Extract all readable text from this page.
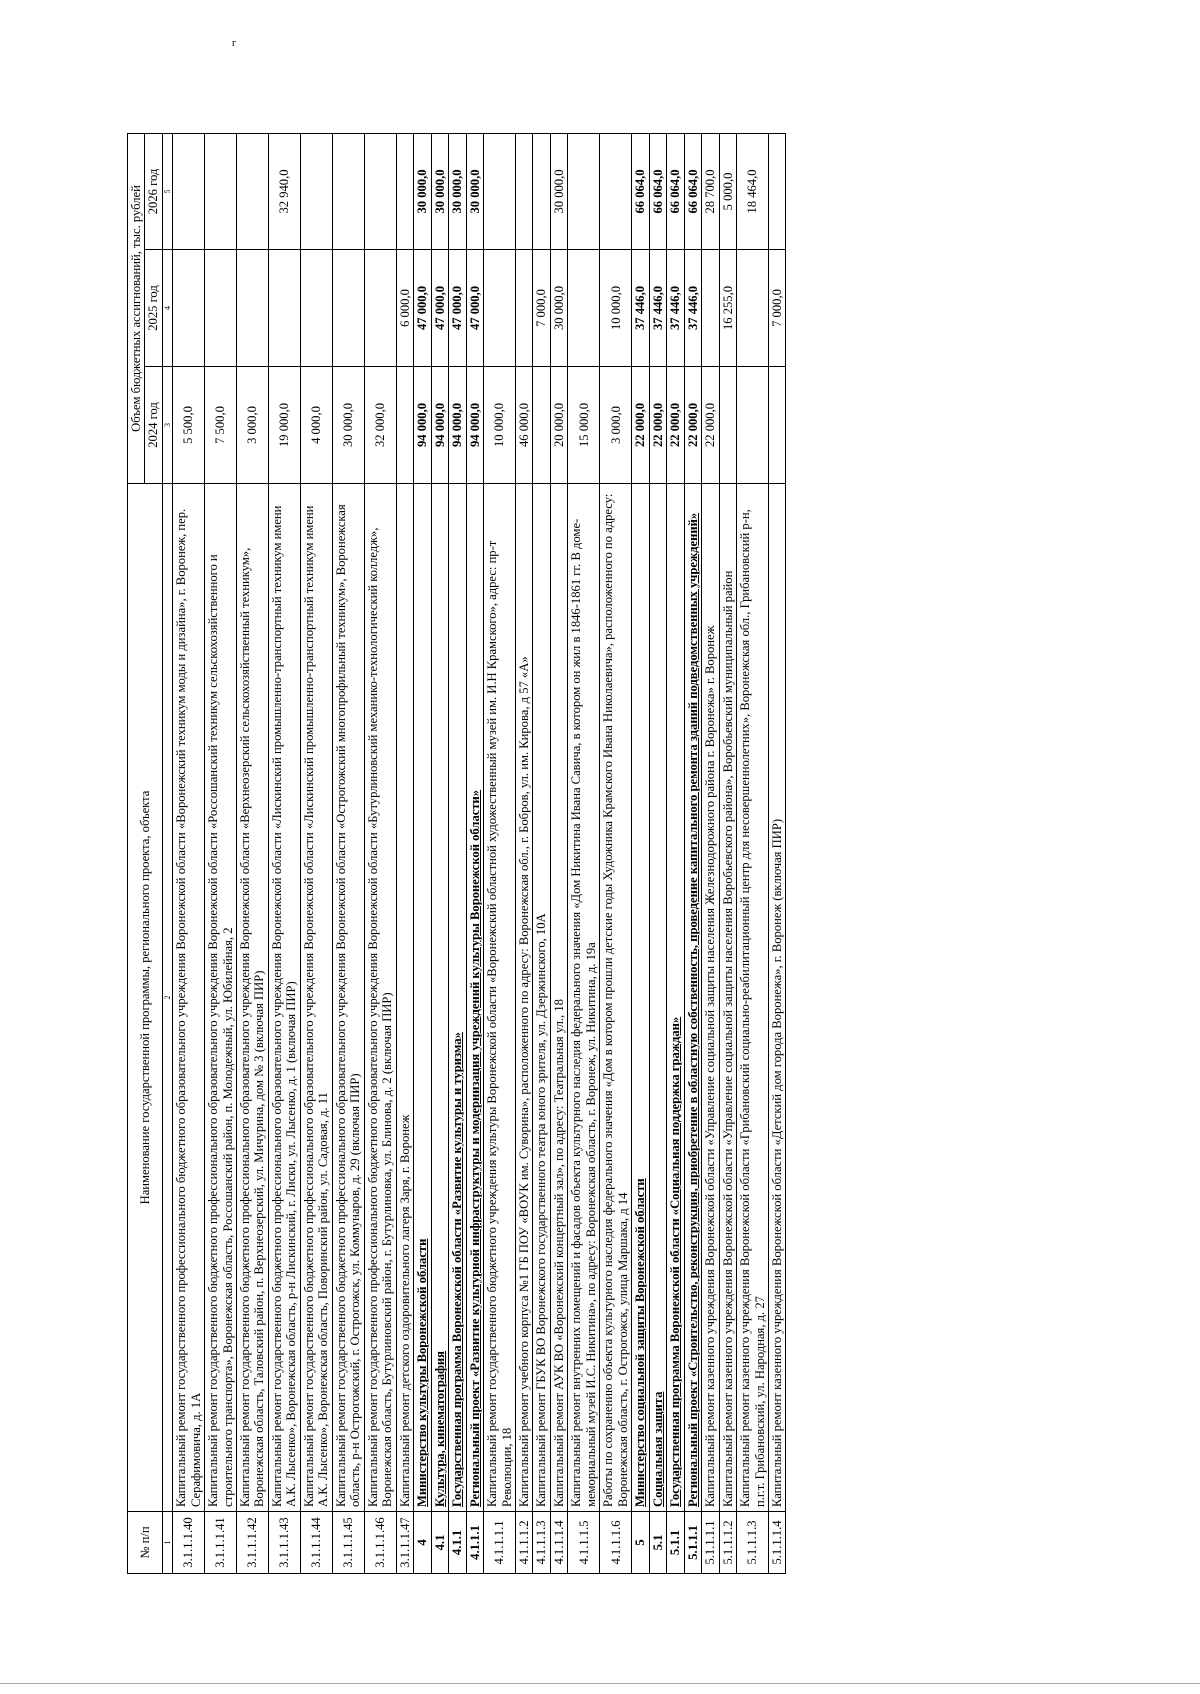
г
№ п/п	Наименование государственной программы, регионального проекта, объекта	Объем бюджетных ассигнований, тыс. рублей		
		2024 год	2025 год	2026 год
1	2	3	4	5
3.1.1.1.40	Капитальный ремонт государственного профессионального бюджетного образовательного учреждения Воронежской области «Воронежский техникум моды и дизайна», г. Воронеж, пер. Серафимовича, д. 1А	5 500,0		
3.1.1.1.41	Капитальный ремонт государственного бюджетного профессионального образовательного учреждения Воронежской области «Россошанский техникум сельскохозяйственного и строительного транспорта», Воронежская область, Россошанский район, п. Молодежный, ул. Юбилейная, 2	7 500,0		
3.1.1.1.42	Капитальный ремонт государственного бюджетного профессионального образовательного учреждения Воронежской области «Верхнеозерский сельскохозяйственный техникум», Воронежская область, Таловский район, п. Верхнеозерский, ул. Мичурина, дом № 3 (включая ПИР)	3 000,0		
3.1.1.1.43	Капитальный ремонт государственного бюджетного профессионального образовательного учреждения Воронежской области «Лискинский промышленно-транспортный техникум имени А.К. Лысенко», Воронежская область, р-н Лискинский, г. Лиски, ул. Лысенко, д. 1 (включая ПИР)	19 000,0		32 940,0
3.1.1.1.44	Капитальный ремонт государственного бюджетного профессионального образовательного учреждения Воронежской области «Лискинский промышленно-транспортный техникум имени А.К. Лысенко», Воронежская область, Поворинский район, ул. Садовая, д. 11	4 000,0		
3.1.1.1.45	Капитальный ремонт государственного бюджетного профессионального образовательного учреждения Воронежской области «Острогожский многопрофильный техникум», Воронежская область, р-н Острогожский, г. Острогожск, ул. Коммунаров, д. 29 (включая ПИР)	30 000,0		
3.1.1.1.46	Капитальный ремонт государственного профессионального бюджетного образовательного учреждения Воронежской области «Бутурлиновский механико-технологический колледж», Воронежская область, Бутурлиновский район, г. Бутурлиновка, ул. Блинова, д. 2 (включая ПИР)	32 000,0		
3.1.1.1.47	Капитальный ремонт детского оздоровительного лагеря Заря, г. Воронеж		6 000,0	
4	Министерство культуры Воронежской области	94 000,0	47 000,0	30 000,0
4.1	Культура, кинематография	94 000,0	47 000,0	30 000,0
4.1.1	Государственная программа Воронежской области «Развитие культуры и туризма»	94 000,0	47 000,0	30 000,0
4.1.1.1	Региональный проект «Развитие культурной инфраструктуры и модернизация учреждений культуры Воронежской области»	94 000,0	47 000,0	30 000,0
4.1.1.1.1	Капитальный ремонт государственного бюджетного учреждения культуры Воронежской области «Воронежский областной художественный музей им. И.Н Крамского», адрес: пр-т Революции, 18	10 000,0		
4.1.1.1.2	Капитальный ремонт учебного корпуса №1 ГБ ПОУ «ВОУК им. Суворина», расположенного по адресу: Воронежская обл., г. Бобров, ул. им. Кирова, д 57 «А»	46 000,0		
4.1.1.1.3	Капитальный ремонт ГБУК ВО Воронежского государственного театра юного зрителя, ул. Дзержинского, 10А		7 000,0	
4.1.1.1.4	Капитальный ремонт АУК ВО «Воронежский концертный зал», по адресу: Театральная ул., 18	20 000,0	30 000,0	30 000,0
4.1.1.1.5	Капитальный ремонт внутренних помещений и фасадов объекта культурного наследия федерального значения «Дом Никитина Ивана Савича, в котором он жил в 1846-1861 гг. В доме-мемориальный музей И.С. Никитина», по адресу: Воронежская область, г. Воронеж, ул. Никитина, д. 19а	15 000,0		
4.1.1.1.6	Работы по сохранению объекта культурного наследия федерального значения «Дом в котором прошли детские годы Художника Крамского Ивана Николаевича», расположенного по адресу: Воронежская область, г. Острогожск, улица Маршака, д 14	3 000,0	10 000,0	
5	Министерство социальной защиты Воронежской области	22 000,0	37 446,0	66 064,0
5.1	Социальная защита	22 000,0	37 446,0	66 064,0
5.1.1	Государственная программа Воронежской области «Социальная поддержка граждан»	22 000,0	37 446,0	66 064,0
5.1.1.1	Региональный проект «Строительство, реконструкция, приобретение в областную собственность, проведение капитального ремонта зданий подведомственных учреждений»	22 000,0	37 446,0	66 064,0
5.1.1.1.1	Капитальный ремонт казенного учреждения Воронежской области «Управление социальной защиты населения Железнодорожного района г. Воронежа» г. Воронеж	22 000,0		28 700,0
5.1.1.1.2	Капитальный ремонт казенного учреждения Воронежской области «Управление социальной защиты населения Воробьевского района», Воробьевский муниципальный район		16 255,0	5 000,0
5.1.1.1.3	Капитальный ремонт казенного учреждения Воронежской области «Грибановский социально-реабилитационный центр для несовершеннолетних», Воронежская обл., Грибановский р-н, п.г.т. Грибановский, ул. Народная, д. 27			18 464,0
5.1.1.1.4	Капитальный ремонт казенного учреждения Воронежской области «Детский дом города Воронежа», г. Воронеж (включая ПИР)		7 000,0	
